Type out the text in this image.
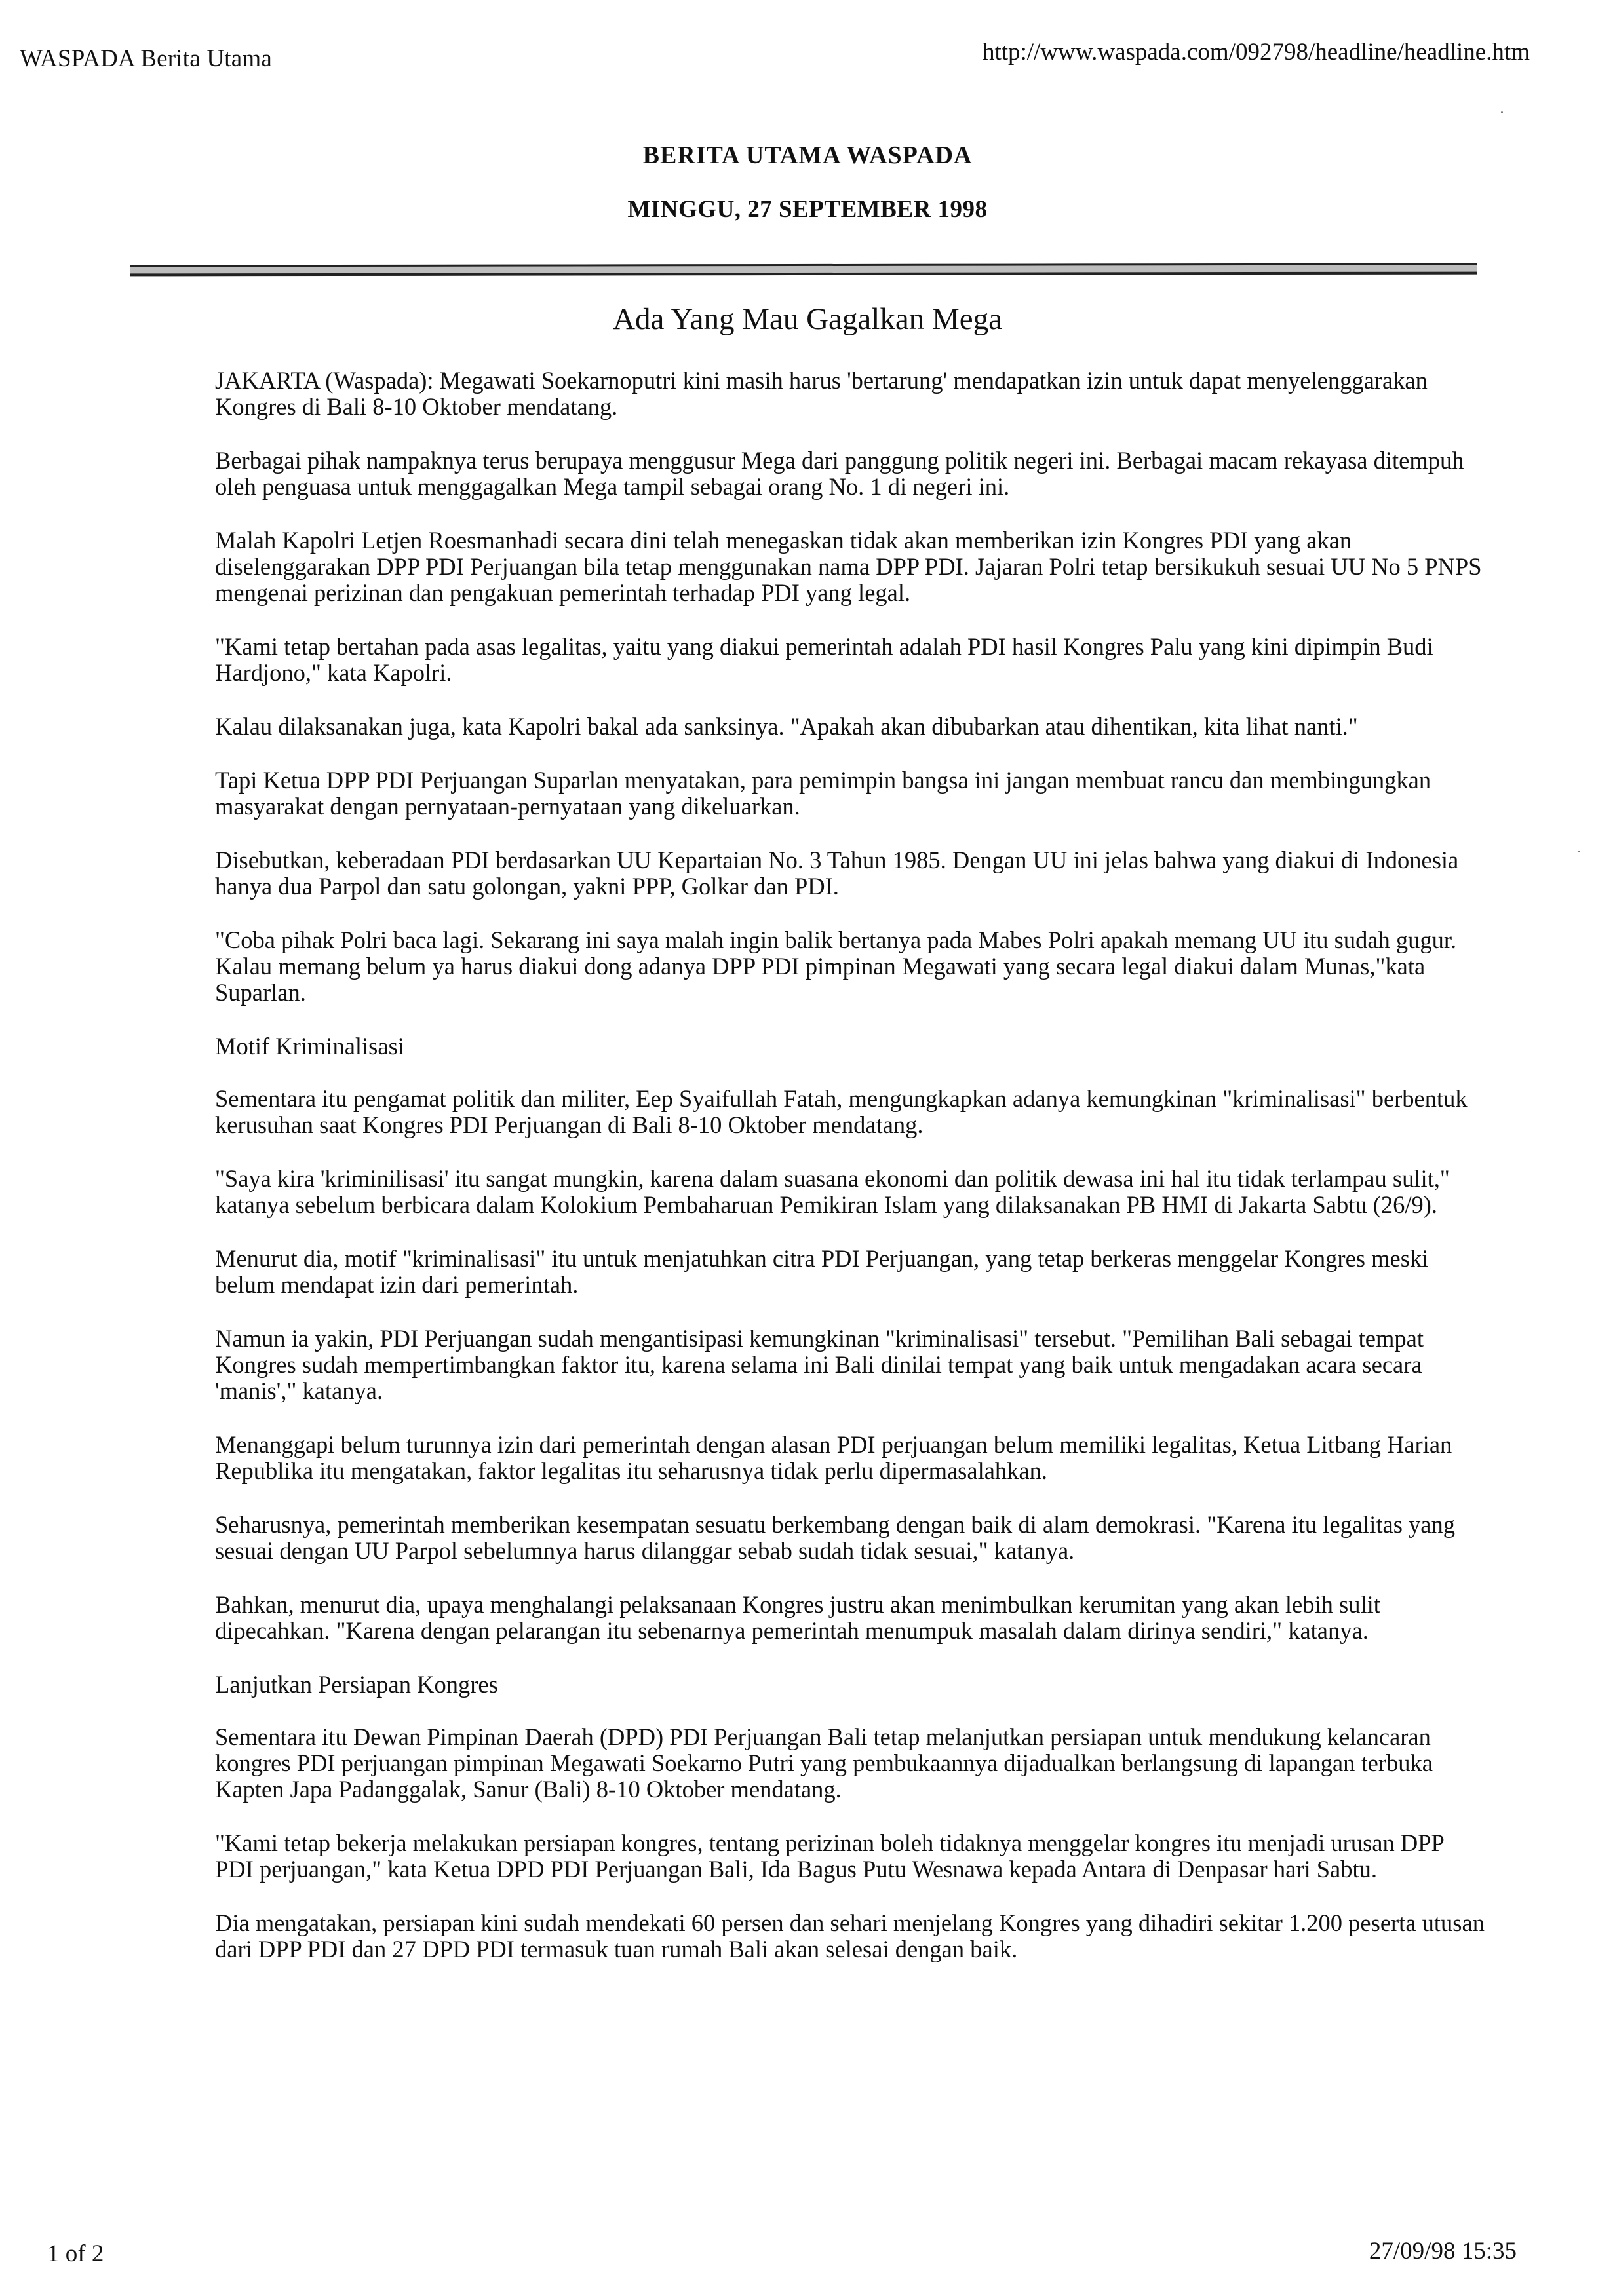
WASPADA Berita Utama	http://www.waspada.com/092798/headline/headline.htm
BERITA UTAMA WASPADA
MINGGU, 27 SEPTEMBER 1998
Ada Yang Mau Gagalkan Mega

JAKARTA (Waspada): Megawati Soekarnoputri kini masih harus 'bertarung' mendapatkan izin untuk dapat menyelenggarakan Kongres di Bali 8-10 Oktober mendatang.

Berbagai pihak nampaknya terus berupaya menggusur Mega dari panggung politik negeri ini. Berbagai macam rekayasa ditempuh oleh penguasa untuk menggagalkan Mega tampil sebagai orang No. 1 di negeri ini.

Malah Kapolri Letjen Roesmanhadi secara dini telah menegaskan tidak akan memberikan izin Kongres PDI yang akan diselenggarakan DPP PDI Perjuangan bila tetap menggunakan nama DPP PDI. Jajaran Polri tetap bersikukuh sesuai UU No 5 PNPS mengenai perizinan dan pengakuan pemerintah terhadap PDI yang legal.

"Kami tetap bertahan pada asas legalitas, yaitu yang diakui pemerintah adalah PDI hasil Kongres Palu yang kini dipimpin Budi Hardjono," kata Kapolri.

Kalau dilaksanakan juga, kata Kapolri bakal ada sanksinya. "Apakah akan dibubarkan atau dihentikan, kita lihat nanti."

Tapi Ketua DPP PDI Perjuangan Suparlan menyatakan, para pemimpin bangsa ini jangan membuat rancu dan membingungkan masyarakat dengan pernyataan-pernyataan yang dikeluarkan.

Disebutkan, keberadaan PDI berdasarkan UU Kepartaian No. 3 Tahun 1985. Dengan UU ini jelas bahwa yang diakui di Indonesia hanya dua Parpol dan satu golongan, yakni PPP, Golkar dan PDI.

"Coba pihak Polri baca lagi. Sekarang ini saya malah ingin balik bertanya pada Mabes Polri apakah memang UU itu sudah gugur. Kalau memang belum ya harus diakui dong adanya DPP PDI pimpinan Megawati yang secara legal diakui dalam Munas,"kata Suparlan.

Motif Kriminalisasi

Sementara itu pengamat politik dan militer, Eep Syaifullah Fatah, mengungkapkan adanya kemungkinan "kriminalisasi" berbentuk kerusuhan saat Kongres PDI Perjuangan di Bali 8-10 Oktober mendatang.

"Saya kira 'kriminilisasi' itu sangat mungkin, karena dalam suasana ekonomi dan politik dewasa ini hal itu tidak terlampau sulit," katanya sebelum berbicara dalam Kolokium Pembaharuan Pemikiran Islam yang dilaksanakan PB HMI di Jakarta Sabtu (26/9).

Menurut dia, motif "kriminalisasi" itu untuk menjatuhkan citra PDI Perjuangan, yang tetap berkeras menggelar Kongres meski belum mendapat izin dari pemerintah.

Namun ia yakin, PDI Perjuangan sudah mengantisipasi kemungkinan "kriminalisasi" tersebut. "Pemilihan Bali sebagai tempat Kongres sudah mempertimbangkan faktor itu, karena selama ini Bali dinilai tempat yang baik untuk mengadakan acara secara 'manis'," katanya.

Menanggapi belum turunnya izin dari pemerintah dengan alasan PDI perjuangan belum memiliki legalitas, Ketua Litbang Harian Republika itu mengatakan, faktor legalitas itu seharusnya tidak perlu dipermasalahkan.

Seharusnya, pemerintah memberikan kesempatan sesuatu berkembang dengan baik di alam demokrasi. "Karena itu legalitas yang sesuai dengan UU Parpol sebelumnya harus dilanggar sebab sudah tidak sesuai," katanya.

Bahkan, menurut dia, upaya menghalangi pelaksanaan Kongres justru akan menimbulkan kerumitan yang akan lebih sulit dipecahkan. "Karena dengan pelarangan itu sebenarnya pemerintah menumpuk masalah dalam dirinya sendiri," katanya.

Lanjutkan Persiapan Kongres

Sementara itu Dewan Pimpinan Daerah (DPD) PDI Perjuangan Bali tetap melanjutkan persiapan untuk mendukung kelancaran kongres PDI perjuangan pimpinan Megawati Soekarno Putri yang pembukaannya dijadualkan berlangsung di lapangan terbuka Kapten Japa Padanggalak, Sanur (Bali) 8-10 Oktober mendatang.

"Kami tetap bekerja melakukan persiapan kongres, tentang perizinan boleh tidaknya menggelar kongres itu menjadi urusan DPP PDI perjuangan," kata Ketua DPD PDI Perjuangan Bali, Ida Bagus Putu Wesnawa kepada Antara di Denpasar hari Sabtu.

Dia mengatakan, persiapan kini sudah mendekati 60 persen dan sehari menjelang Kongres yang dihadiri sekitar 1.200 peserta utusan dari DPP PDI dan 27 DPD PDI termasuk tuan rumah Bali akan selesai dengan baik.

1 of 2	27/09/98 15:35
